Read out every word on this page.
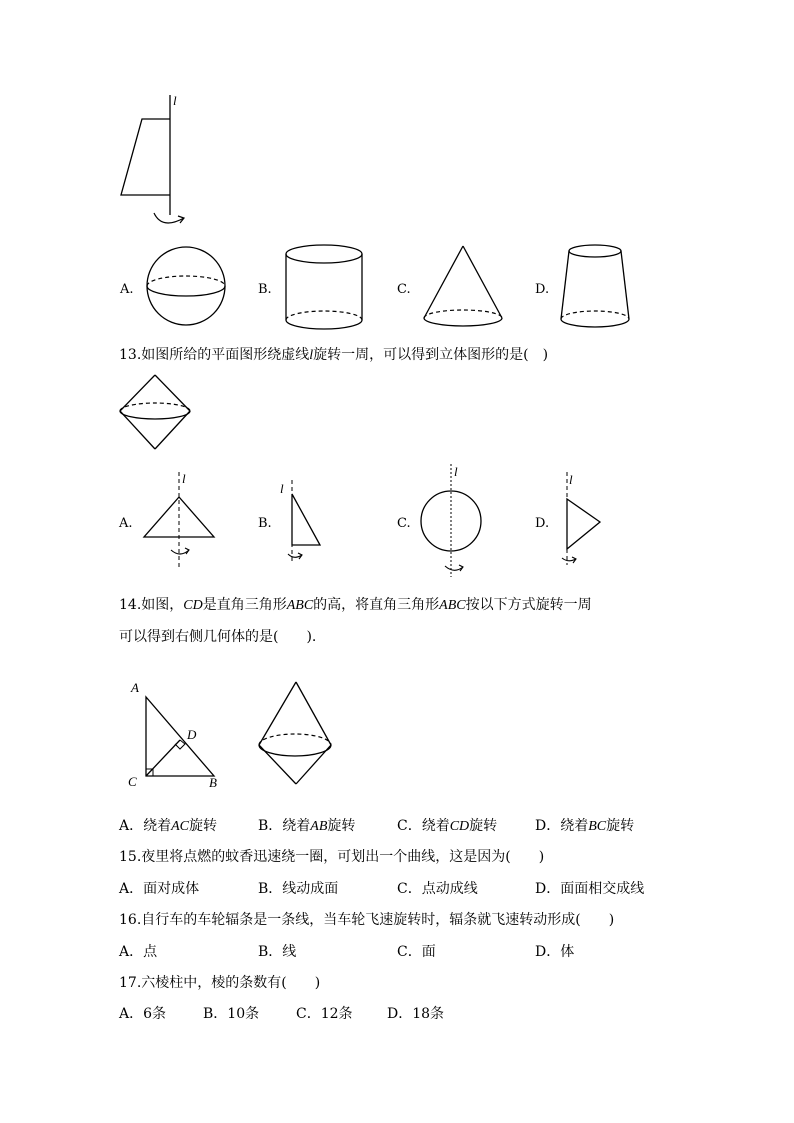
l
A.	B.	C.	D.
13.如图所给的平面图形绕虚线l旋转一周，可以得到立体图形的是(　)
A.
l
B.
l
C.
l
D.
l
14.如图，CD是直角三角形ABC的高，将直角三角形ABC按以下方式旋转一周
可以得到右侧几何体的是(　　).
A
D
C	B
A．绕着AC旋转	B．绕着AB旋转	C．绕着CD旋转	D．绕着BC旋转
15.夜里将点燃的蚊香迅速绕一圈，可划出一个曲线，这是因为(　　)
A．面对成体	B．线动成面	C．点动成线	D．面面相交成线
16.自行车的车轮辐条是一条线，当车轮飞速旋转时，辐条就飞速转动形成(　　)
A．点	B．线	C．面	D．体
17.六棱柱中，棱的条数有(　　)
A．6条	B．10条	C．12条 D．18条
